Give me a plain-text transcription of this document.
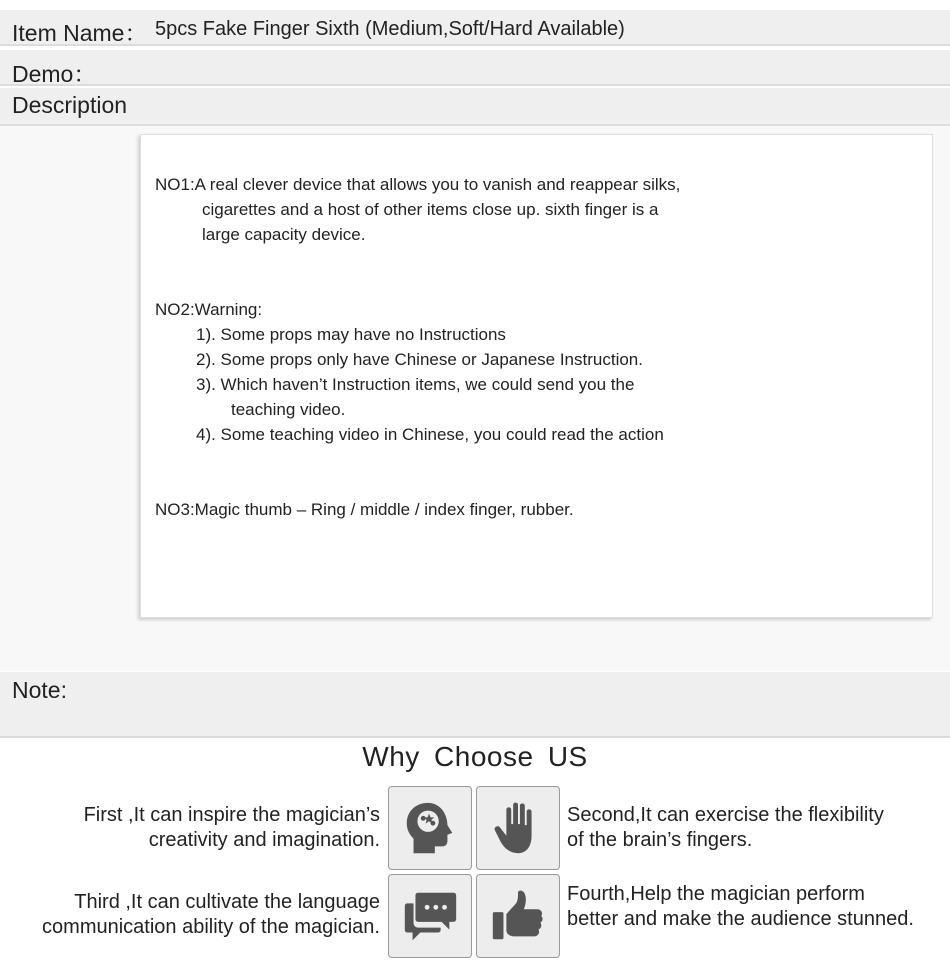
Item Name： 5pcs Fake Finger Sixth (Medium,Soft/Hard Available)
Demo：
Description
NO1:A real clever device that allows you to vanish and reappear silks,
cigarettes and a host of other items close up. sixth finger is a
large capacity device.
NO2:Warning:
1). Some props may have no Instructions
2). Some props only have Chinese or Japanese Instruction.
3). Which haven’t Instruction items, we could send you the
teaching video.
4). Some teaching video in Chinese, you could read the action
NO3:Magic thumb – Ring / middle / index finger, rubber.
Note:
Why Choose US
First ,It can inspire the magician’s
creativity and imagination.
Second,It can exercise the flexibility
of the brain’s fingers.
Third ,It can cultivate the language
communication ability of the magician.
Fourth,Help the magician perform
better and make the audience stunned.
